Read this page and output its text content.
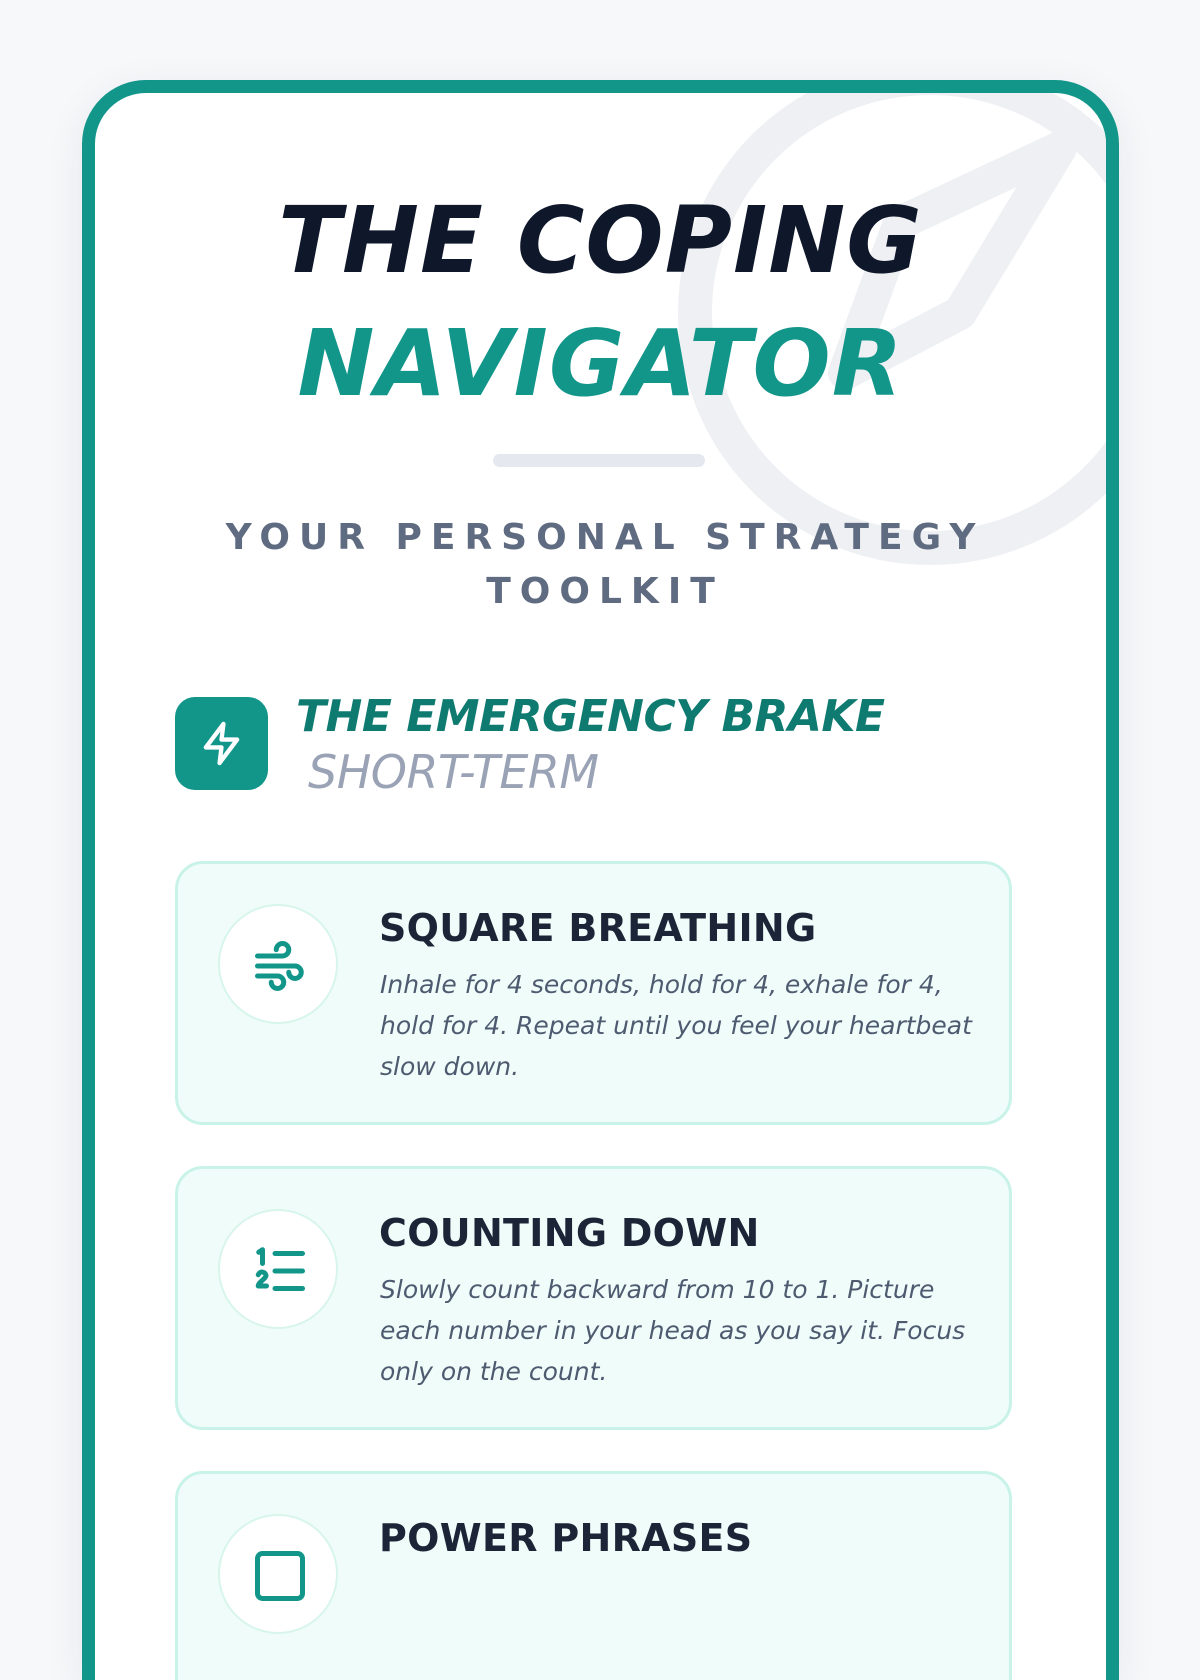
THE COPING
NAVIGATOR
YOUR PERSONAL STRATEGY TOOLKIT
THE EMERGENCY BRAKE
SHORT-TERM
SQUARE BREATHING
Inhale for 4 seconds, hold for 4, exhale for 4, hold for 4. Repeat until you feel your heartbeat slow down.
COUNTING DOWN
Slowly count backward from 10 to 1. Picture each number in your head as you say it. Focus only on the count.
POWER PHRASES
